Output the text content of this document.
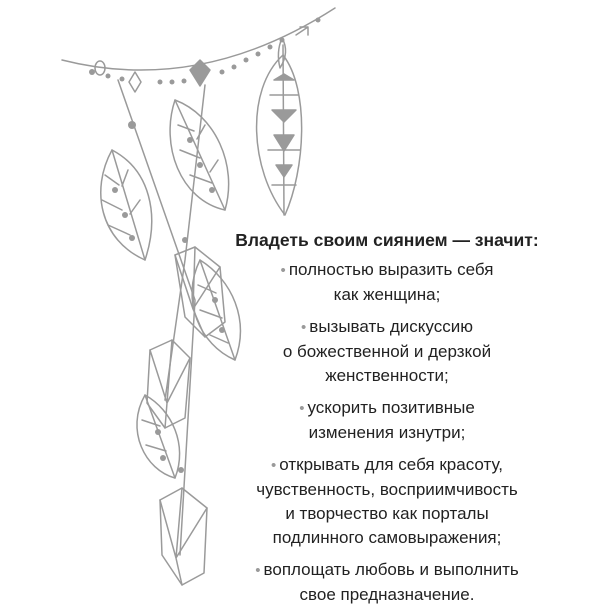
Владеть своим сиянием — значит:

• полностью выразить себя
как женщина;
• вызывать дискуссию
о божественной и дерзкой
женственности;
• ускорить позитивные
изменения изнутри;
• открывать для себя красоту,
чувственность, восприимчивость
и творчество как порталы
подлинного самовыражения;
• воплощать любовь и выполнить
свое предназначение.
